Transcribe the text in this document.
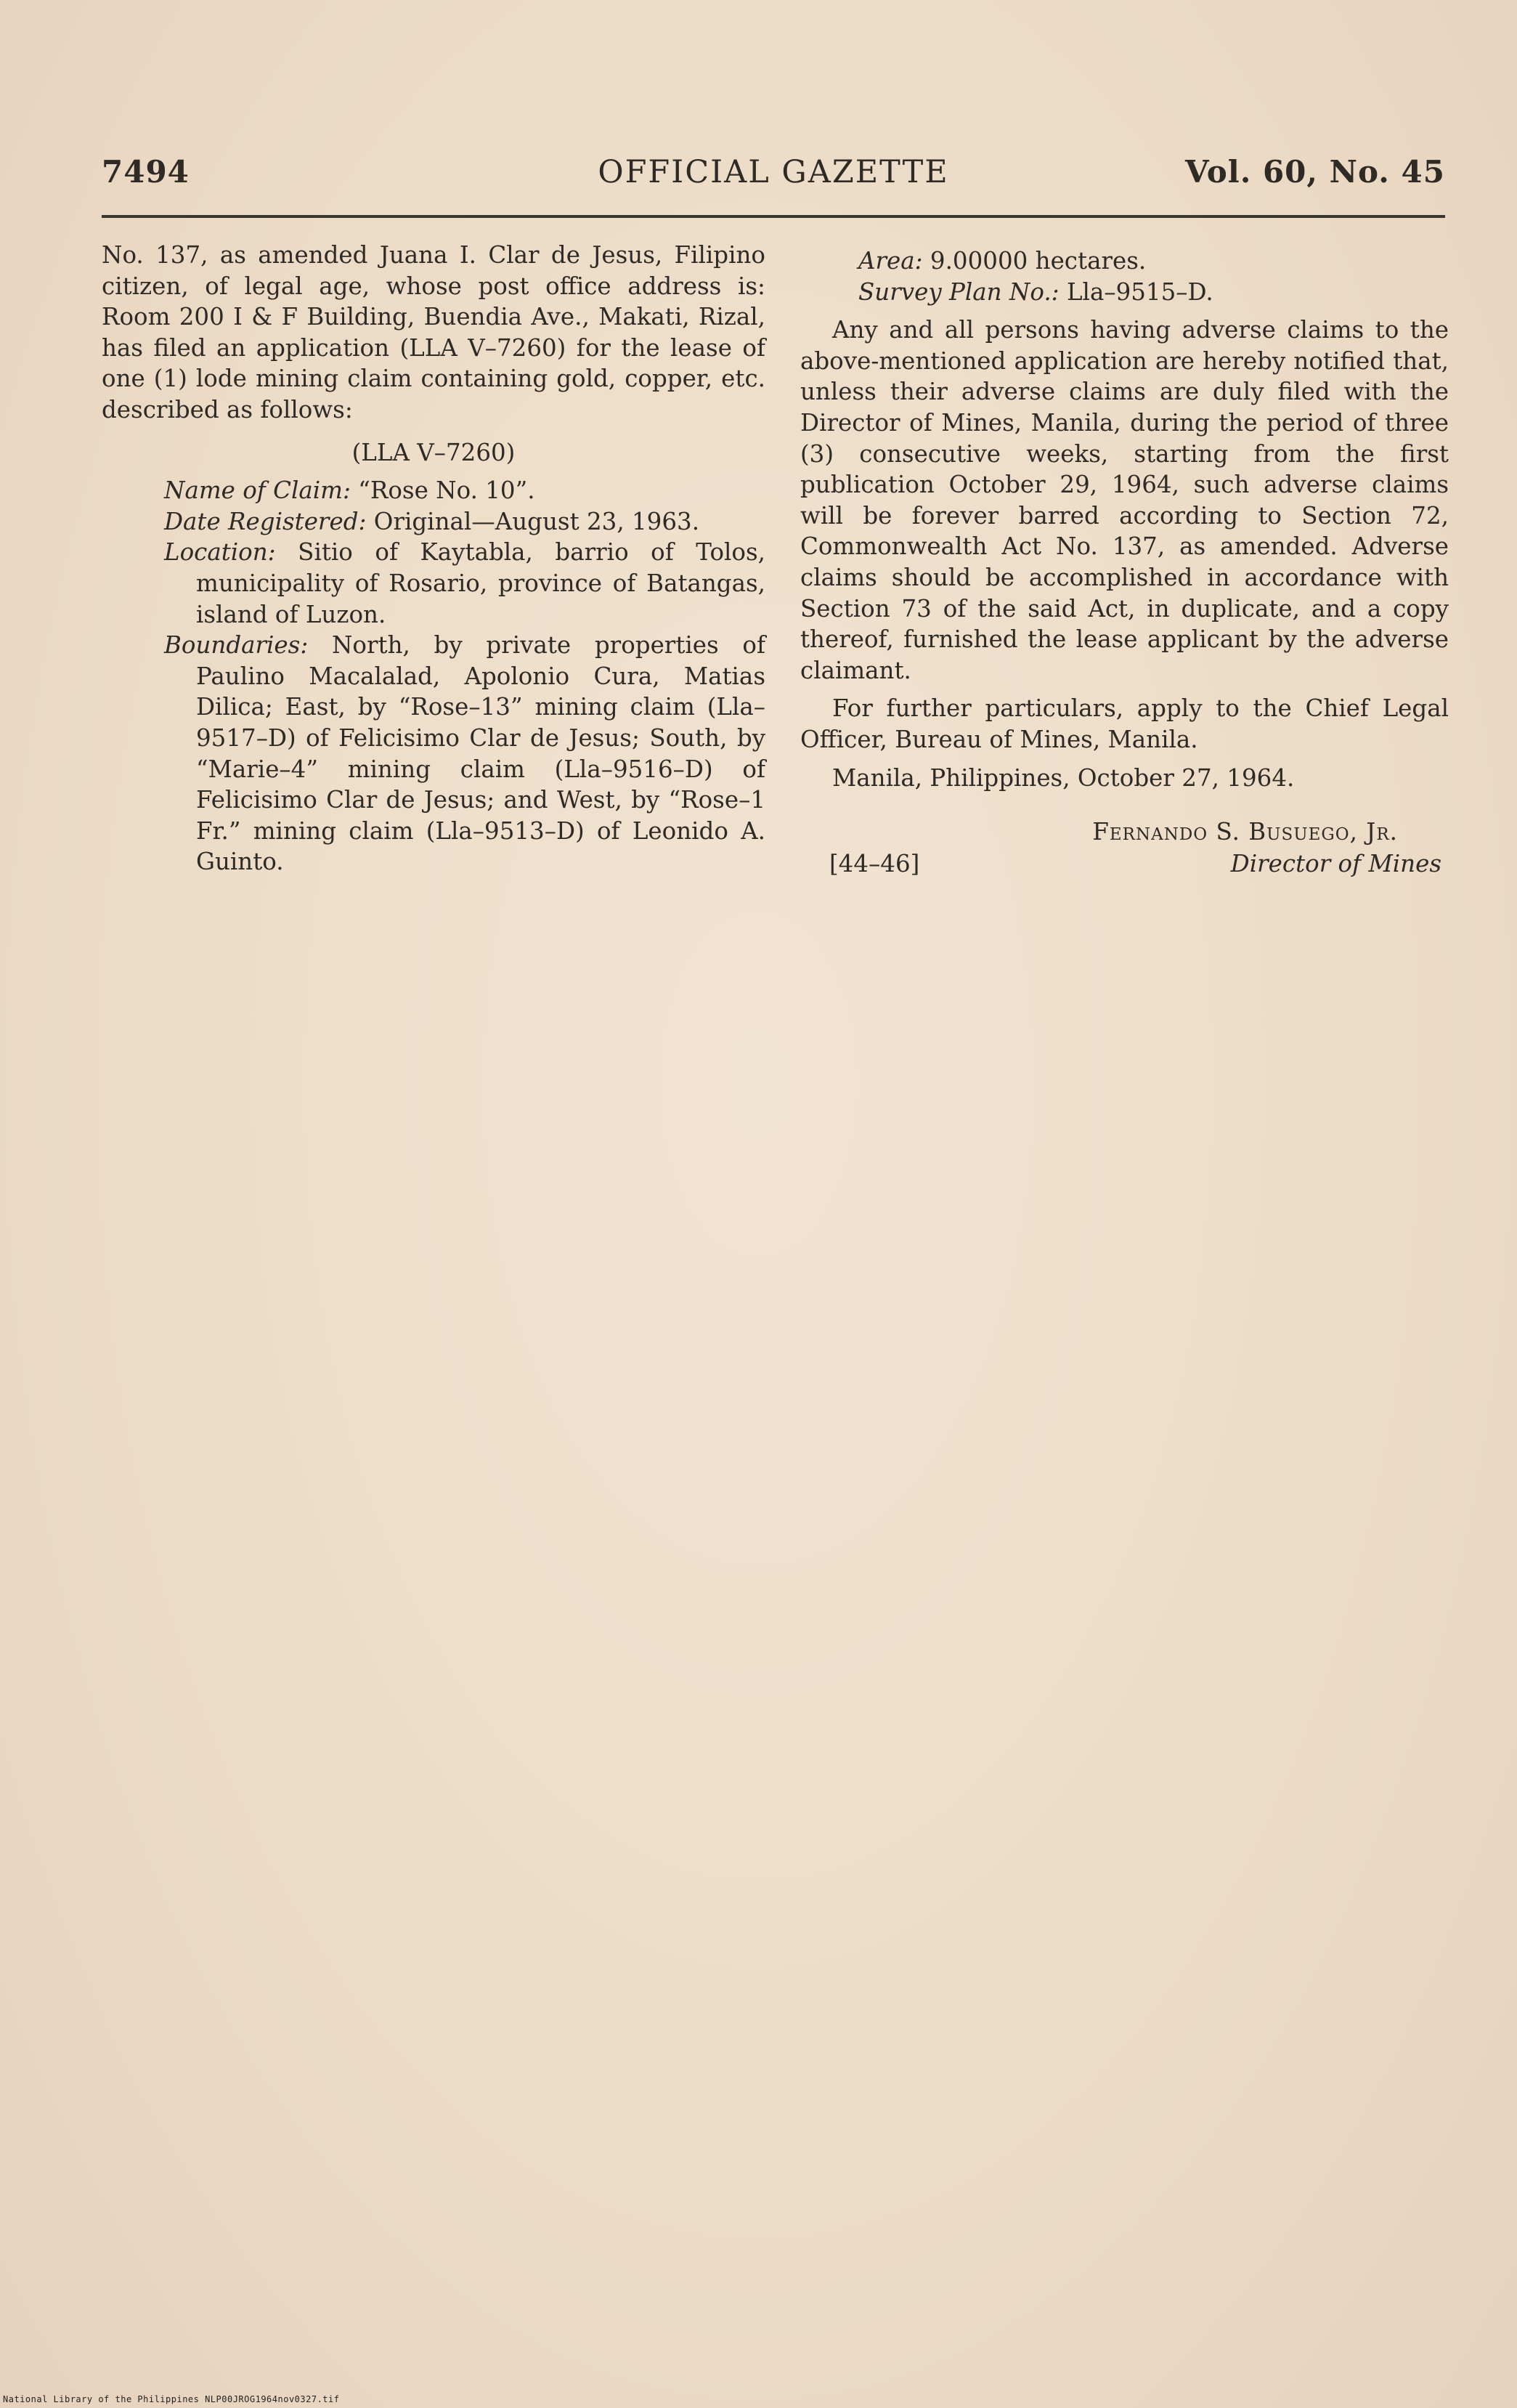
7494	OFFICIAL GAZETTE	Vol. 60, No. 45

No. 137, as amended Juana I. Clar de Jesus, Filipino citizen, of legal age, whose post office address is: Room 200 I & F Building, Buendia Ave., Makati, Rizal, has filed an application (LLA V–7260) for the lease of one (1) lode mining claim containing gold, copper, etc. described as follows:

(LLA V–7260)

Name of Claim: “Rose No. 10”.

Date Registered: Original—August 23, 1963.

Location: Sitio of Kaytabla, barrio of Tolos, municipality of Rosario, province of Batangas, island of Luzon.

Boundaries: North, by private properties of Paulino Macalalad, Apolonio Cura, Matias Dilica; East, by “Rose–13” mining claim (Lla–9517–D) of Felicisimo Clar de Jesus; South, by “Marie–4” mining claim (Lla–9516–D) of Felicisimo Clar de Jesus; and West, by “Rose–1 Fr.” mining claim (Lla–9513–D) of Leonido A. Guinto.

Area: 9.00000 hectares.

Survey Plan No.: Lla–9515–D.

Any and all persons having adverse claims to the above-mentioned application are hereby notified that, unless their adverse claims are duly filed with the Director of Mines, Manila, during the period of three (3) consecutive weeks, starting from the first publication October 29, 1964, such adverse claims will be forever barred according to Section 72, Commonwealth Act No. 137, as amended. Adverse claims should be accomplished in accordance with Section 73 of the said Act, in duplicate, and a copy thereof, furnished the lease applicant by the adverse claimant.

For further particulars, apply to the Chief Legal Officer, Bureau of Mines, Manila.

Manila, Philippines, October 27, 1964.

Fernando S. Busuego, Jr.
[44–46]	Director of Mines
National Library of the Philippines NLP00JROG1964nov0327.tif
